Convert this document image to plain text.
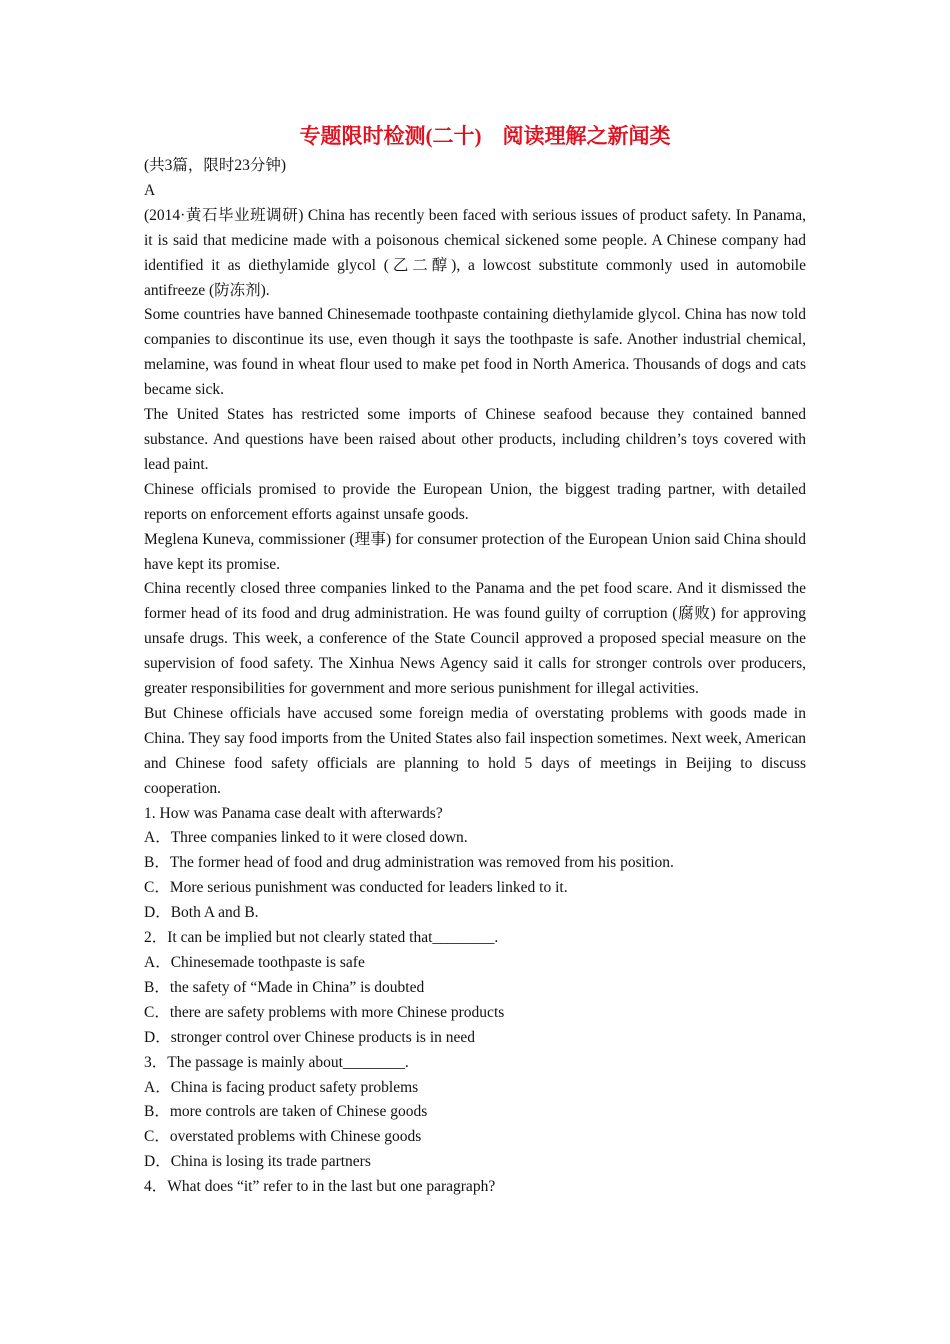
专题限时检测(二十)　阅读理解之新闻类

(共3篇，限时23分钟)

A

(2014·黄石毕业班调研) China has recently been faced with serious issues of product safety. In Panama, it is said that medicine made with a poisonous chemical sickened some people. A Chinese company had identified it as diethylamide glycol (乙二醇), a lowcost substitute commonly used in automobile antifreeze (防冻剂).

Some countries have banned Chinesemade toothpaste containing diethylamide glycol. China has now told companies to discontinue its use, even though it says the toothpaste is safe. Another industrial chemical, melamine, was found in wheat flour used to make pet food in North America. Thousands of dogs and cats became sick.

The United States has restricted some imports of Chinese seafood because they contained banned substance. And questions have been raised about other products, including children’s toys covered with lead paint.

Chinese officials promised to provide the European Union, the biggest trading partner, with detailed reports on enforcement efforts against unsafe goods.

Meglena Kuneva, commissioner (理事) for consumer protection of the European Union said China should have kept its promise.

China recently closed three companies linked to the Panama and the pet food scare. And it dismissed the former head of its food and drug administration. He was found guilty of corruption (腐败) for approving unsafe drugs. This week, a conference of the State Council approved a proposed special measure on the supervision of food safety. The Xinhua News Agency said it calls for stronger controls over producers, greater responsibilities for government and more serious punishment for illegal activities.

But Chinese officials have accused some foreign media of overstating problems with goods made in China. They say food imports from the United States also fail inspection sometimes. Next week, American and Chinese food safety officials are planning to hold 5 days of meetings in Beijing to discuss cooperation.

1. How was Panama case dealt with afterwards?

A．Three companies linked to it were closed down.

B．The former head of food and drug administration was removed from his position.

C．More serious punishment was conducted for leaders linked to it.

D．Both A and B.

2．It can be implied but not clearly stated that________.

A．Chinesemade toothpaste is safe

B．the safety of “Made in China” is doubted

C．there are safety problems with more Chinese products

D．stronger control over Chinese products is in need

3．The passage is mainly about________.

A．China is facing product safety problems

B．more controls are taken of Chinese goods

C．overstated problems with Chinese goods

D．China is losing its trade partners

4．What does “it” refer to in the last but one paragraph?
